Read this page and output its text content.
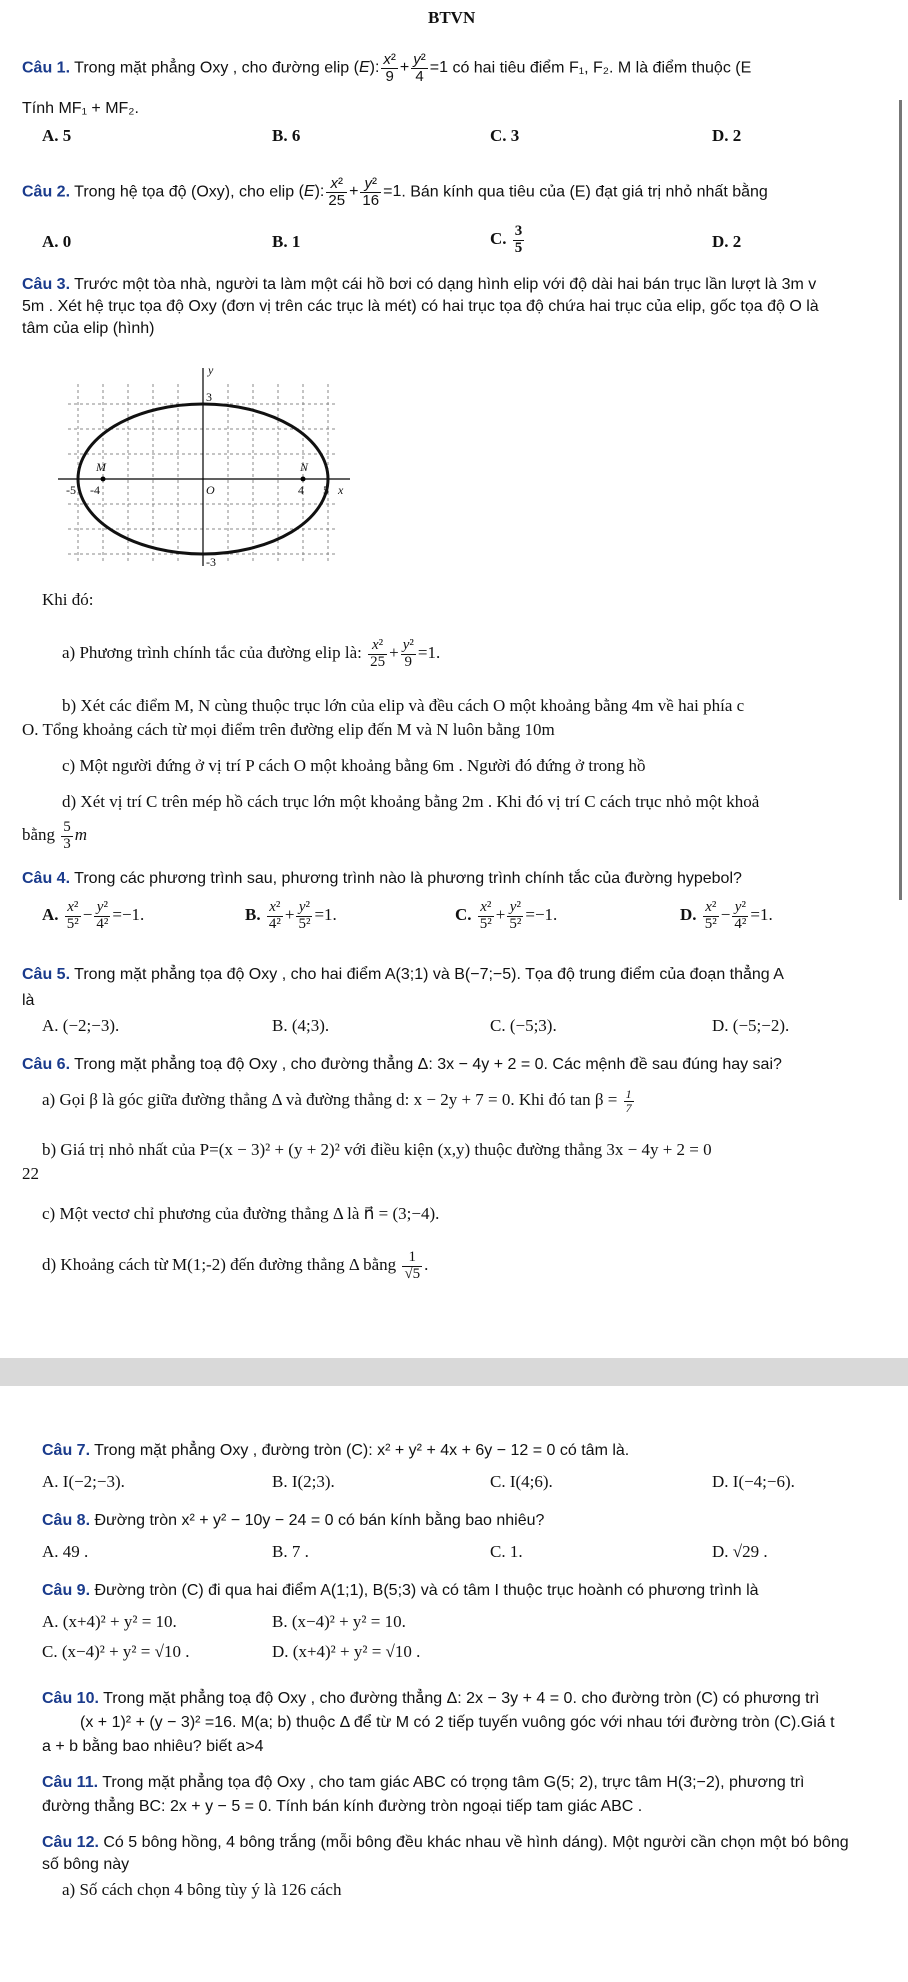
BTVN
Câu 1. Trong mặt phẳng Oxy , cho đường elip (E): $\frac{\text{x²}}{9} + \frac{\text{y²}}{4} =1$ có hai tiêu điểm F₁, F₂. M là điểm thuộc (E
Tính MF₁ + MF₂.
A. 5	B. 6	C. 3	D. 2
Câu 2. Trong hệ tọa độ (Oxy), cho elip (E): $\frac{\text{x²}}{25} + \frac{\text{y²}}{16} =1$. Bán kính qua tiêu của (E) đạt giá trị nhỏ nhất bằng
A. 0	B. 1	C. $\frac{3}{5}$	D. 2
Câu 3. Trước một tòa nhà, người ta làm một cái hồ bơi có dạng hình elip với độ dài hai bán trục lần lượt là 3m v
5m . Xét hệ trục tọa độ Oxy (đơn vị trên các trục là mét) có hai trục tọa độ chứa hai trục của elip, gốc tọa độ O là
tâm của elip (hình)
y
x
O
M	N
3
-3
-5 -4	4 5
Khi đó:
a) Phương trình chính tắc của đường elip là: $\frac{\text{x²}}{25} + \frac{\text{y²}}{9} =1$.
b) Xét các điểm M, N cùng thuộc trục lớn của elip và đều cách O một khoảng bằng 4m về hai phía c
O. Tổng khoảng cách từ mọi điểm trên đường elip đến M và N luôn bằng 10m
c) Một người đứng ở vị trí P cách O một khoảng bằng 6m . Người đó đứng ở trong hồ
d) Xét vị trí C trên mép hồ cách trục lớn một khoảng bằng 2m . Khi đó vị trí C cách trục nhỏ một khoả
bằng $\frac{5}{3}$ m
Câu 4. Trong các phương trình sau, phương trình nào là phương trình chính tắc của đường hypebol?
A. $\frac{\text{x²}}{\text{5²}} - \frac{\text{y²}}{\text{4²}} =-1$.	B. $\frac{\text{x²}}{\text{4²}} + \frac{\text{y²}}{\text{5²}} =1$.	C. $\frac{\text{x²}}{\text{5²}} + \frac{\text{y²}}{\text{5²}} =-1$.	D. $\frac{\text{x²}}{\text{5²}} - \frac{\text{y²}}{\text{4²}} =1$.
Câu 5. Trong mặt phẳng tọa độ Oxy , cho hai điểm A(3;1) và B(−7;−5). Tọa độ trung điểm của đoạn thẳng A
là
A. (−2;−3).	B. (4;3).	C. (−5;3).	D. (−5;−2).
Câu 6. Trong mặt phẳng toạ độ Oxy , cho đường thẳng Δ: 3x − 4y + 2 = 0. Các mệnh đề sau đúng hay sai?
a) Gọi β là góc giữa đường thẳng Δ và đường thẳng d: x − 2y + 7 = 0. Khi đó $\tan \beta = \frac{1}{7}$
b) Giá trị nhỏ nhất của P=(x − 3)² + (y + 2)² với điều kiện (x,y) thuộc đường thẳng 3x − 4y + 2 = 0
22
c) Một vectơ chỉ phương của đường thẳng Δ là n⃗ = (3;−4).
d) Khoảng cách từ M(1;-2) đến đường thẳng Δ bằng $\frac{1}{√5}$ .
Câu 7. Trong mặt phẳng Oxy , đường tròn (C): x² + y² + 4x + 6y − 12 = 0 có tâm là.
A. I(−2;−3).	B. I(2;3).	C. I(4;6).	D. I(−4;−6).
Câu 8. Đường tròn x² + y² − 10y − 24 = 0 có bán kính bằng bao nhiêu?
A. 49 .	B. 7 .	C. 1.	D. √29 .
Câu 9. Đường tròn (C) đi qua hai điểm A(1;1), B(5;3) và có tâm I thuộc trục hoành có phương trình là
A. (x+4)² + y² = 10.	B. (x−4)² + y² = 10.
C. (x−4)² + y² = √10 .	D. (x+4)² + y² = √10 .
Câu 10. Trong mặt phẳng toạ độ Oxy , cho đường thẳng Δ: 2x − 3y + 4 = 0. cho đường tròn (C) có phương trì
(x + 1)² + (y − 3)² =16. M(a; b) thuộc Δ để từ M có 2 tiếp tuyến vuông góc với nhau tới đường tròn (C).Giá t
a + b bằng bao nhiêu? biết a>4
Câu 11. Trong mặt phẳng tọa độ Oxy , cho tam giác ABC có trọng tâm G(5; 2), trực tâm H(3;−2), phương trì
đường thẳng BC: 2x + y − 5 = 0. Tính bán kính đường tròn ngoại tiếp tam giác ABC .
Câu 12. Có 5 bông hồng, 4 bông trắng (mỗi bông đều khác nhau về hình dáng). Một người cần chọn một bó bông
số bông này
a) Số cách chọn 4 bông tùy ý là 126 cách
